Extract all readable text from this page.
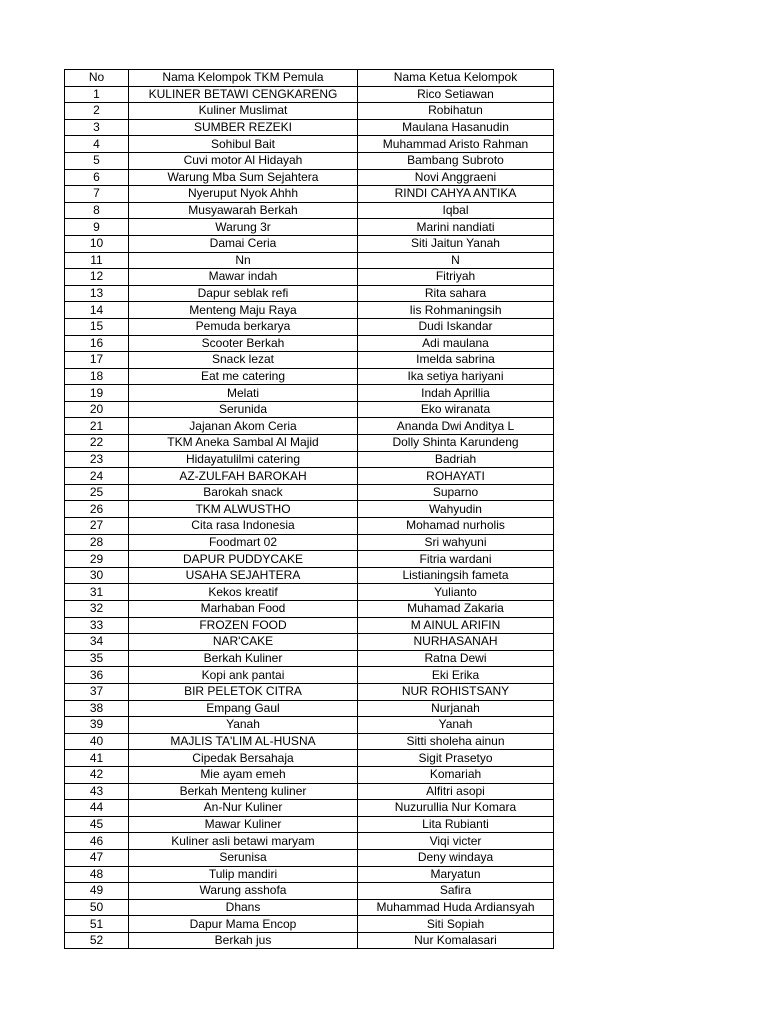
No	Nama Kelompok TKM Pemula	Nama Ketua Kelompok
1	KULINER BETAWI CENGKARENG	Rico Setiawan
2	Kuliner Muslimat	Robihatun
3	SUMBER REZEKI	Maulana Hasanudin
4	Sohibul Bait	Muhammad Aristo Rahman
5	Cuvi motor Al Hidayah	Bambang Subroto
6	Warung Mba Sum Sejahtera	Novi Anggraeni
7	Nyeruput Nyok Ahhh	RINDI CAHYA ANTIKA
8	Musyawarah Berkah	Iqbal
9	Warung 3r	Marini nandiati
10	Damai Ceria	Siti Jaitun Yanah
11	Nn	N
12	Mawar indah	Fitriyah
13	Dapur seblak refi	Rita sahara
14	Menteng Maju Raya	Iis Rohmaningsih
15	Pemuda berkarya	Dudi Iskandar
16	Scooter Berkah	Adi maulana
17	Snack lezat	Imelda sabrina
18	Eat me catering	Ika setiya hariyani
19	Melati	Indah Aprillia
20	Serunida	Eko wiranata
21	Jajanan Akom Ceria	Ananda Dwi Anditya L
22	TKM Aneka Sambal Al Majid	Dolly Shinta Karundeng
23	Hidayatulilmi catering	Badriah
24	AZ-ZULFAH BAROKAH	ROHAYATI
25	Barokah snack	Suparno
26	TKM ALWUSTHO	Wahyudin
27	Cita rasa Indonesia	Mohamad nurholis
28	Foodmart 02	Sri wahyuni
29	DAPUR PUDDYCAKE	Fitria wardani
30	USAHA SEJAHTERA	Listianingsih fameta
31	Kekos kreatif	Yulianto
32	Marhaban Food	Muhamad Zakaria
33	FROZEN FOOD	M AINUL ARIFIN
34	NAR'CAKE	NURHASANAH
35	Berkah Kuliner	Ratna Dewi
36	Kopi ank pantai	Eki Erika
37	BIR PELETOK CITRA	NUR ROHISTSANY
38	Empang Gaul	Nurjanah
39	Yanah	Yanah
40	MAJLIS TA'LIM AL-HUSNA	Sitti sholeha ainun
41	Cipedak Bersahaja	Sigit Prasetyo
42	Mie ayam emeh	Komariah
43	Berkah Menteng kuliner	Alfitri asopi
44	An-Nur Kuliner	Nuzurullia Nur Komara
45	Mawar Kuliner	Lita Rubianti
46	Kuliner asli betawi maryam	Viqi victer
47	Serunisa	Deny windaya
48	Tulip mandiri	Maryatun
49	Warung asshofa	Safira
50	Dhans	Muhammad Huda Ardiansyah
51	Dapur Mama Encop	Siti Sopiah
52	Berkah jus	Nur Komalasari
